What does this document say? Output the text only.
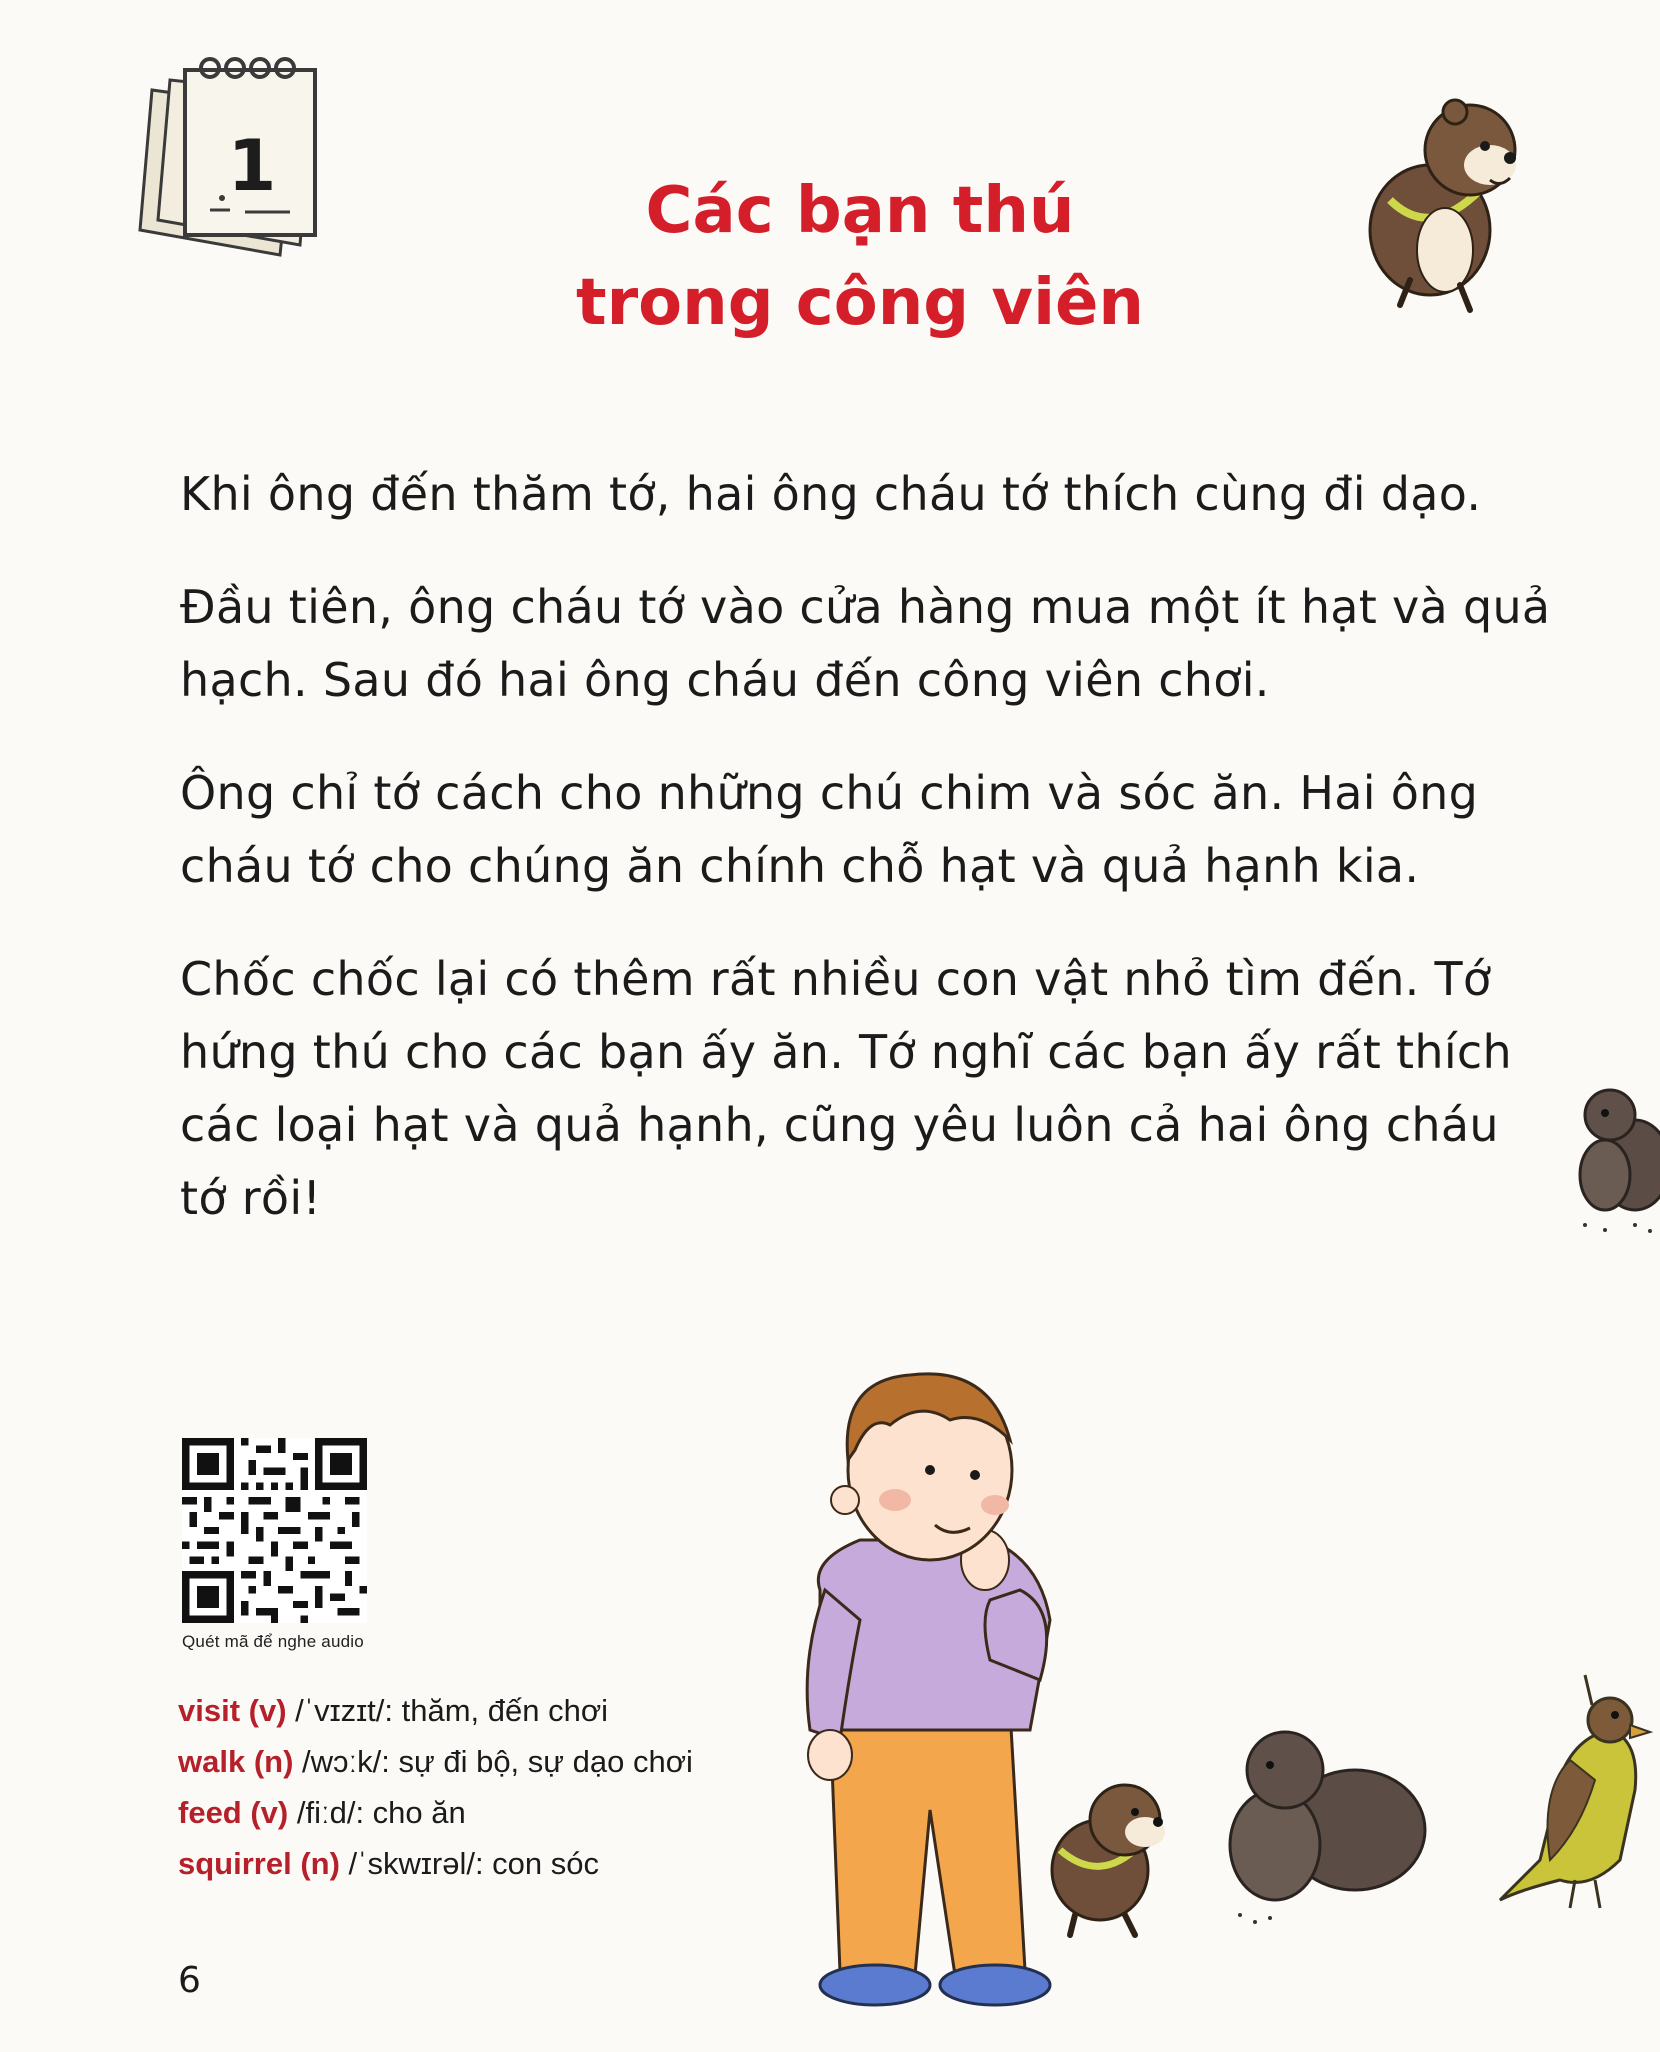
1
Các bạn thú
trong công viên

Khi ông đến thăm tớ, hai ông cháu tớ thích cùng đi dạo.

Đầu tiên, ông cháu tớ vào cửa hàng mua một ít hạt và quả hạch. Sau đó hai ông cháu đến công viên chơi.

Ông chỉ tớ cách cho những chú chim và sóc ăn. Hai ông cháu tớ cho chúng ăn chính chỗ hạt và quả hạnh kia.

Chốc chốc lại có thêm rất nhiều con vật nhỏ tìm đến. Tớ hứng thú cho các bạn ấy ăn. Tớ nghĩ các bạn ấy rất thích các loại hạt và quả hạnh, cũng yêu luôn cả hai ông cháu tớ rồi!

Quét mã để nghe audio
visit (v) /ˈvɪzɪt/: thăm, đến chơi
walk (n) /wɔːk/: sự đi bộ, sự dạo chơi
feed (v) /fiːd/: cho ăn
squirrel (n) /ˈskwɪrəl/: con sóc
6
